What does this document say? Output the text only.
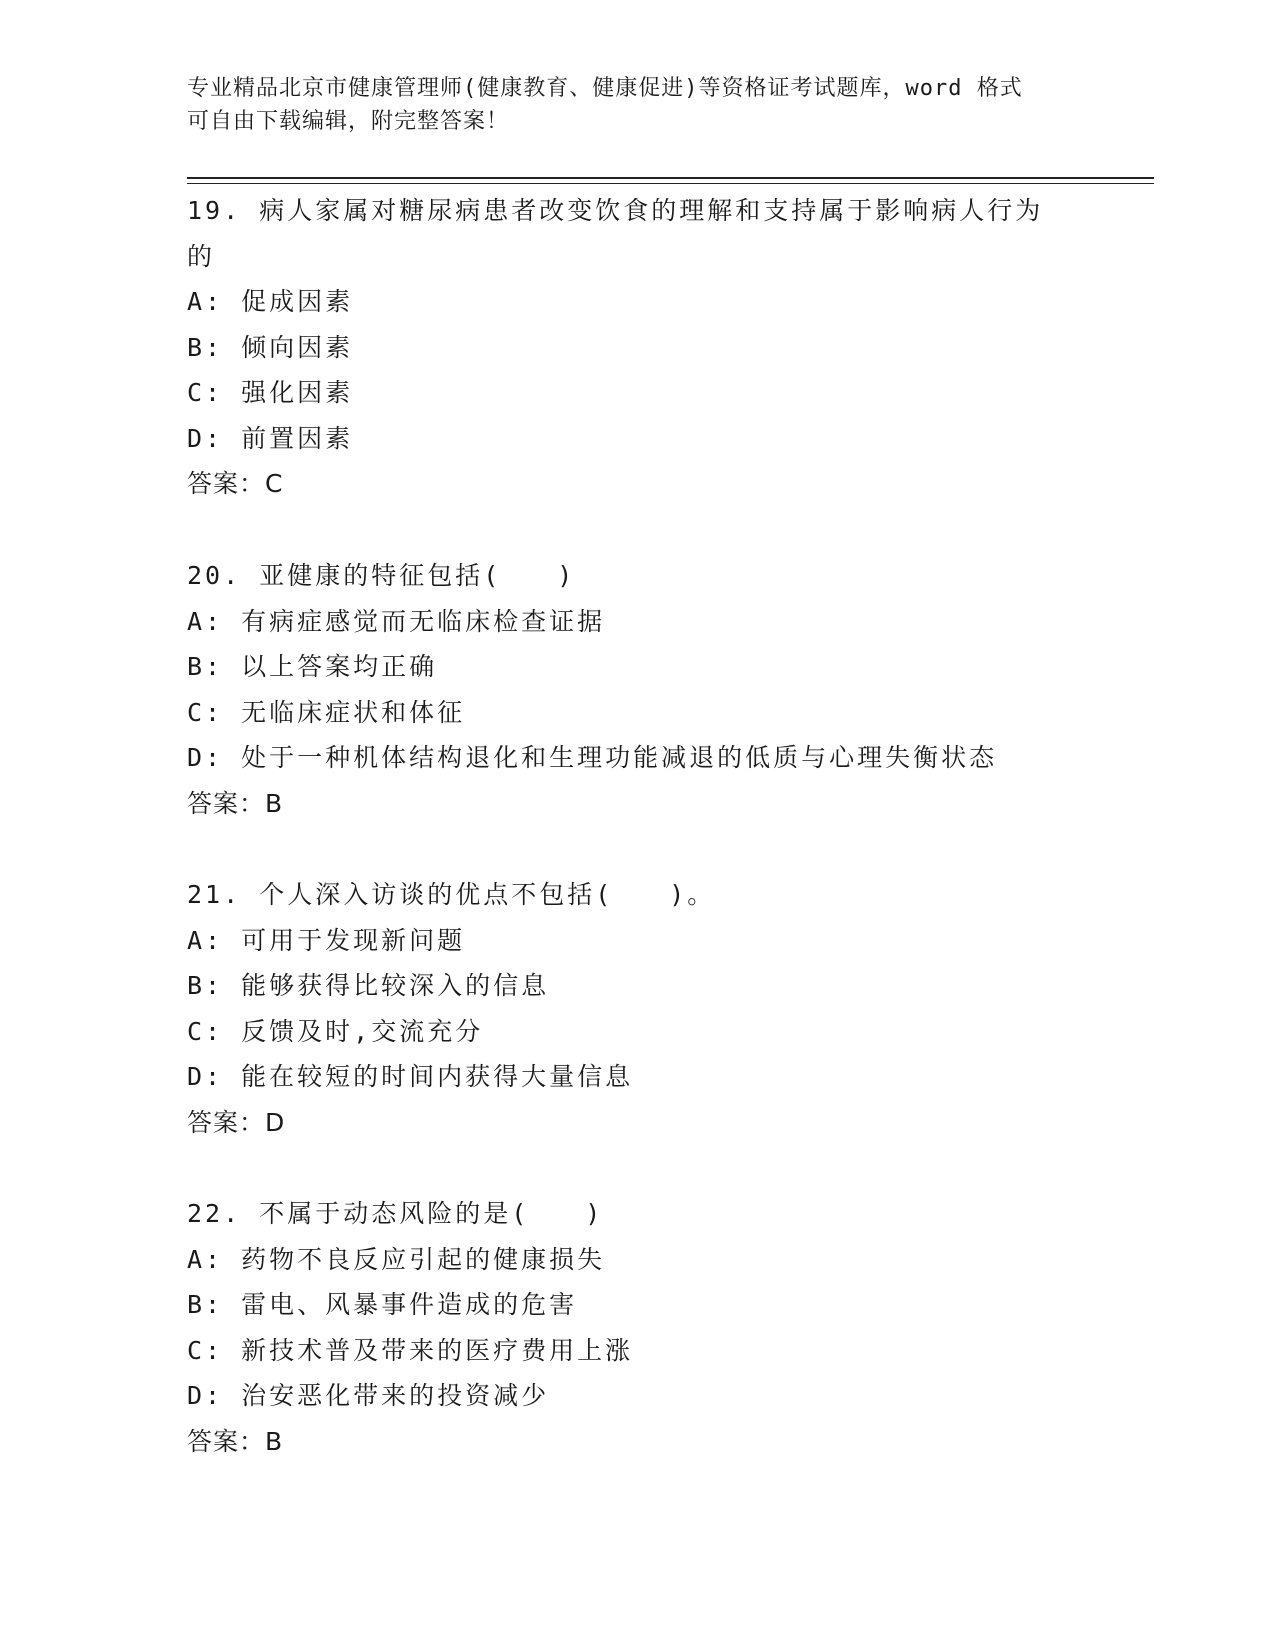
专业精品北京市健康管理师(健康教育、健康促进)等资格证考试题库，word 格式
可自由下载编辑，附完整答案！
19. 病人家属对糖尿病患者改变饮食的理解和支持属于影响病人行为
的
A: 促成因素
B: 倾向因素
C: 强化因素
D: 前置因素
答案：C
20. 亚健康的特征包括(　　)
A: 有病症感觉而无临床检查证据
B: 以上答案均正确
C: 无临床症状和体征
D: 处于一种机体结构退化和生理功能减退的低质与心理失衡状态
答案：B
21. 个人深入访谈的优点不包括(　　)。
A: 可用于发现新问题
B: 能够获得比较深入的信息
C: 反馈及时,交流充分
D: 能在较短的时间内获得大量信息
答案：D
22. 不属于动态风险的是(　　)
A: 药物不良反应引起的健康损失
B: 雷电、风暴事件造成的危害
C: 新技术普及带来的医疗费用上涨
D: 治安恶化带来的投资减少
答案：B
